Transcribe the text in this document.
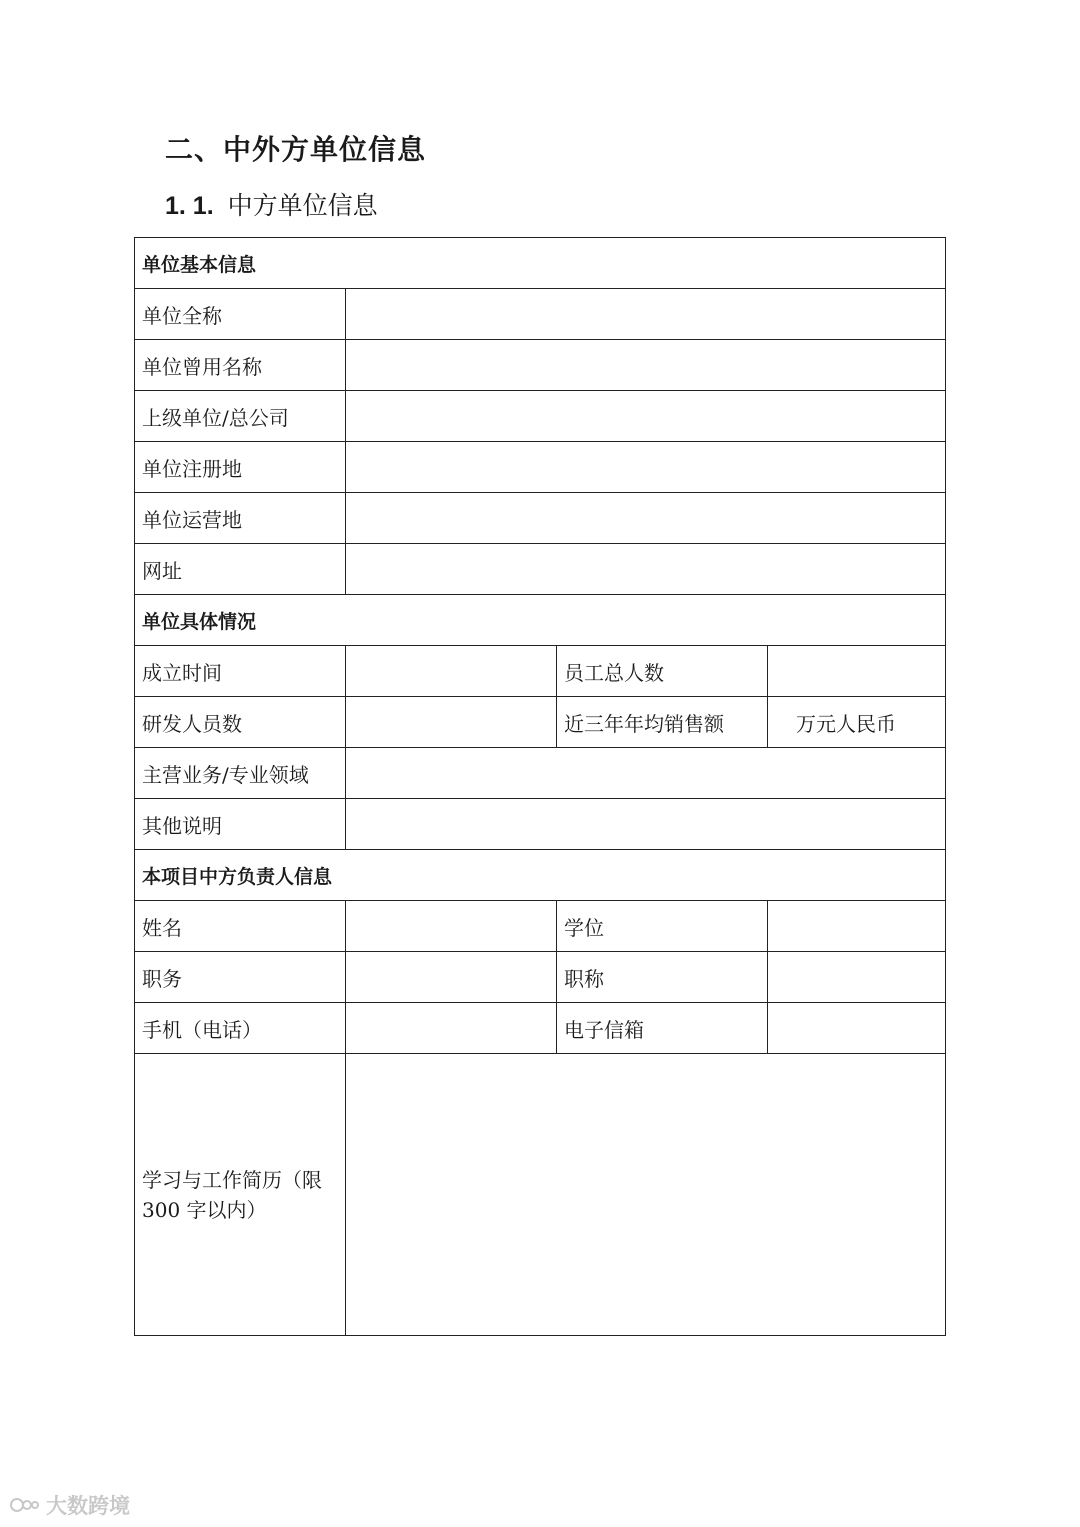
二、中外方单位信息
1. 1. 中方单位信息
单位基本信息			
单位全称			
单位曾用名称			
上级单位/总公司			
单位注册地			
单位运营地			
网址			
单位具体情况			
成立时间		员工总人数	
研发人员数		近三年年均销售额	万元人民币
主营业务/专业领域			
其他说明			
本项目中方负责人信息			
姓名		学位	
职务		职称	
手机（电话）		电子信箱	
学习与工作简历（限 300 字以内）			
大数跨境
